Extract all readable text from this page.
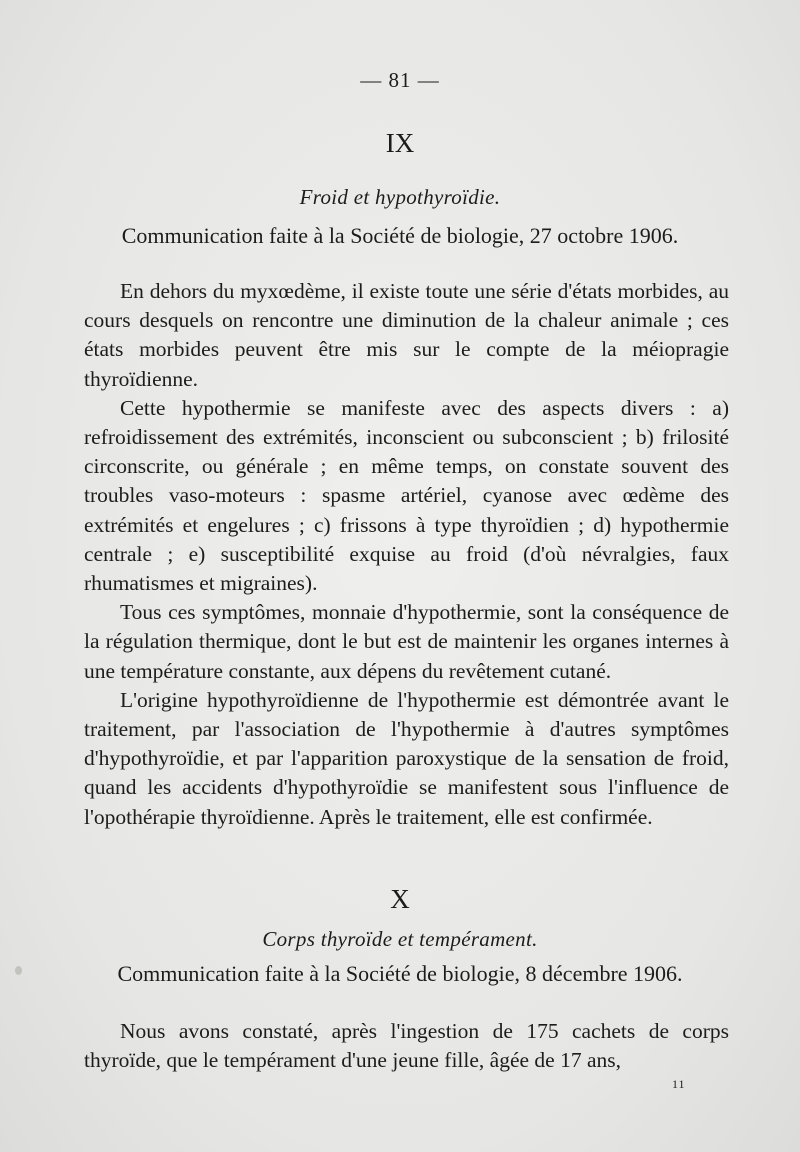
— 81 —
IX
Froid et hypothyroïdie.
Communication faite à la Société de biologie, 27 octobre 1906.

En dehors du myxœdème, il existe toute une série d'états morbides, au cours desquels on rencontre une diminution de la chaleur animale ; ces états morbides peuvent être mis sur le compte de la méiopragie thyroïdienne.

Cette hypothermie se manifeste avec des aspects divers : a) refroidissement des extrémités, inconscient ou subconscient ; b) frilosité circonscrite, ou générale ; en même temps, on constate souvent des troubles vaso-moteurs : spasme artériel, cyanose avec œdème des extrémités et engelures ; c) frissons à type thyroïdien ; d) hypothermie centrale ; e) susceptibilité exquise au froid (d'où névralgies, faux rhumatismes et migraines).

Tous ces symptômes, monnaie d'hypothermie, sont la conséquence de la régulation thermique, dont le but est de maintenir les organes internes à une température constante, aux dépens du revêtement cutané.

L'origine hypothyroïdienne de l'hypothermie est démontrée avant le traitement, par l'association de l'hypothermie à d'autres symptômes d'hypothyroïdie, et par l'apparition paroxystique de la sensation de froid, quand les accidents d'hypothyroïdie se manifestent sous l'influence de l'opothérapie thyroïdienne. Après le traitement, elle est confirmée.

X
Corps thyroïde et tempérament.
Communication faite à la Société de biologie, 8 décembre 1906.

Nous avons constaté, après l'ingestion de 175 cachets de corps thyroïde, que le tempérament d'une jeune fille, âgée de 17 ans,

11
